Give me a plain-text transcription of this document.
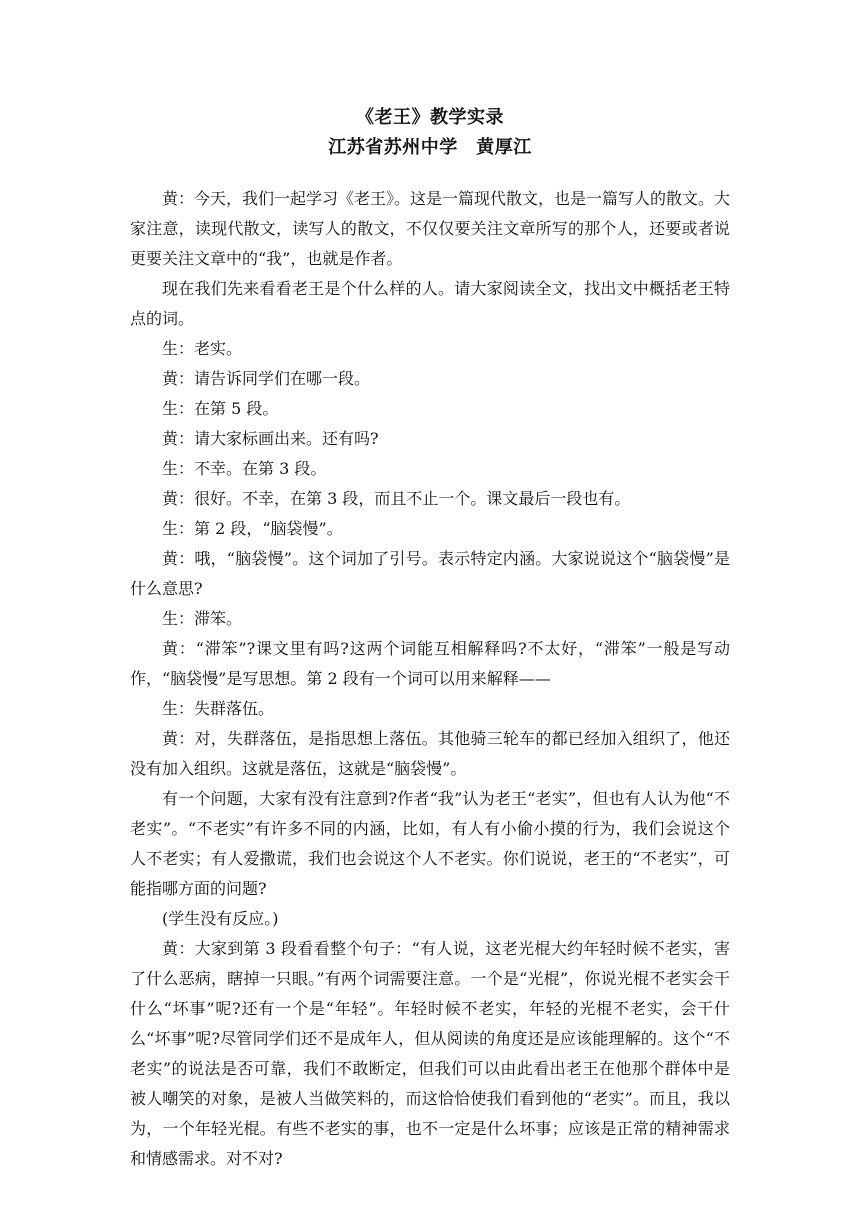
《老王》教学实录
江苏省苏州中学　黄厚江

黄：今天，我们一起学习《老王》。这是一篇现代散文，也是一篇写人的散文。大家注意，读现代散文，读写人的散文，不仅仅要关注文章所写的那个人，还要或者说更要关注文章中的“我”，也就是作者。

现在我们先来看看老王是个什么样的人。请大家阅读全文，找出文中概括老王特点的词。

生：老实。

黄：请告诉同学们在哪一段。

生：在第 5 段。

黄：请大家标画出来。还有吗?

生：不幸。在第 3 段。

黄：很好。不幸，在第 3 段，而且不止一个。课文最后一段也有。

生：第 2 段，“脑袋慢”。

黄：哦，“脑袋慢”。这个词加了引号。表示特定内涵。大家说说这个“脑袋慢”是什么意思?

生：滞笨。

黄：“滞笨”?课文里有吗?这两个词能互相解释吗?不太好，“滞笨”一般是写动作，“脑袋慢”是写思想。第 2 段有一个词可以用来解释——

生：失群落伍。

黄：对，失群落伍，是指思想上落伍。其他骑三轮车的都已经加入组织了，他还没有加入组织。这就是落伍，这就是“脑袋慢”。

有一个问题，大家有没有注意到?作者“我”认为老王“老实”，但也有人认为他“不老实”。“不老实”有许多不同的内涵，比如，有人有小偷小摸的行为，我们会说这个人不老实；有人爱撒谎，我们也会说这个人不老实。你们说说，老王的“不老实”，可能指哪方面的问题?

(学生没有反应。)

黄：大家到第 3 段看看整个句子：“有人说，这老光棍大约年轻时候不老实，害了什么恶病，瞎掉一只眼。”有两个词需要注意。一个是“光棍”，你说光棍不老实会干什么“坏事”呢?还有一个是“年轻”。年轻时候不老实，年轻的光棍不老实，会干什么“坏事”呢?尽管同学们还不是成年人，但从阅读的角度还是应该能理解的。这个“不老实”的说法是否可靠，我们不敢断定，但我们可以由此看出老王在他那个群体中是被人嘲笑的对象，是被人当做笑料的，而这恰恰使我们看到他的“老实”。而且，我以为，一个年轻光棍。有些不老实的事，也不一定是什么坏事；应该是正常的精神需求和情感需求。对不对?
